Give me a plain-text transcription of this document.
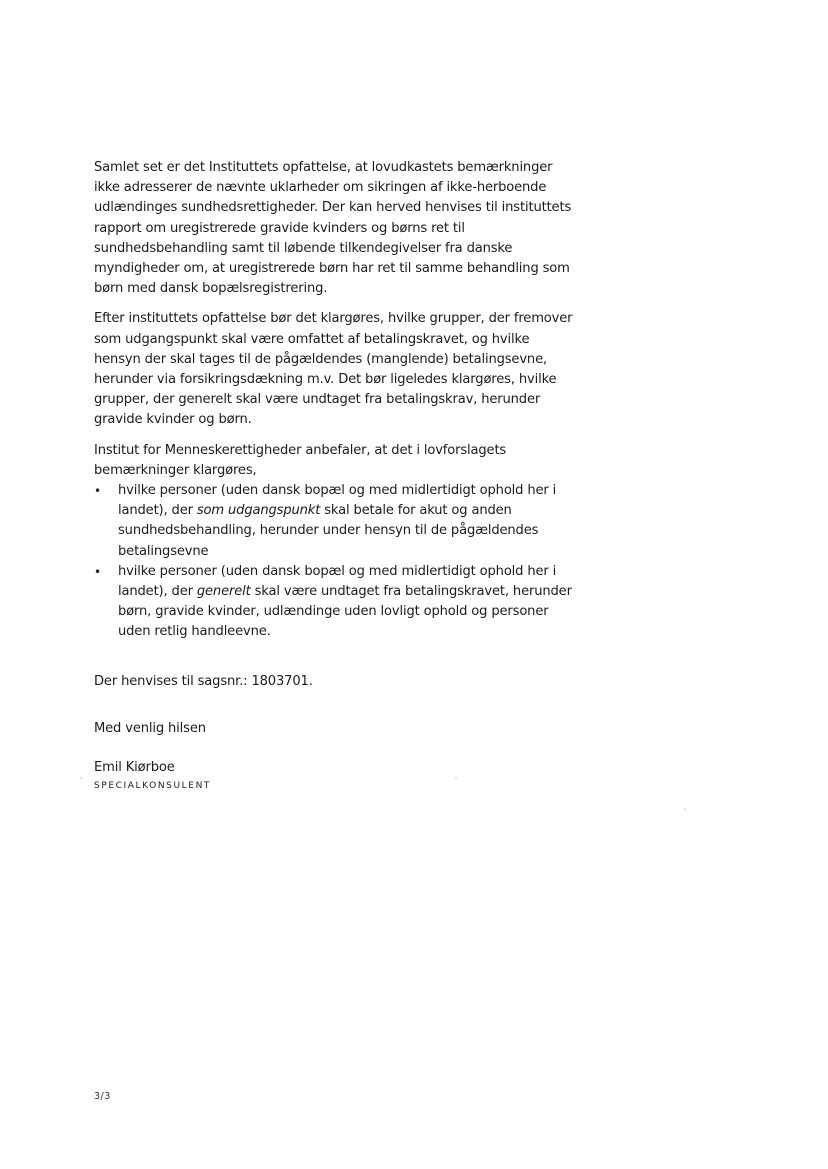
Samlet set er det Instituttets opfattelse, at lovudkastets bemærkninger ikke adresserer de nævnte uklarheder om sikringen af ikke-herboende udlændinges sundhedsrettigheder. Der kan herved henvises til instituttets rapport om uregistrerede gravide kvinders og børns ret til sundhedsbehandling samt til løbende tilkendegivelser fra danske myndigheder om, at uregistrerede børn har ret til samme behandling som børn med dansk bopælsregistrering.

Efter instituttets opfattelse bør det klargøres, hvilke grupper, der fremover som udgangspunkt skal være omfattet af betalingskravet, og hvilke hensyn der skal tages til de pågældendes (manglende) betalingsevne, herunder via forsikringsdækning m.v. Det bør ligeledes klargøres, hvilke grupper, der generelt skal være undtaget fra betalingskrav, herunder gravide kvinder og børn.

Institut for Menneskerettigheder anbefaler, at det i lovforslagets bemærkninger klargøres,
•	hvilke personer (uden dansk bopæl og med midlertidigt ophold her i landet), der som udgangspunkt skal betale for akut og anden sundhedsbehandling, herunder under hensyn til de pågældendes betalingsevne
•	hvilke personer (uden dansk bopæl og med midlertidigt ophold her i landet), der generelt skal være undtaget fra betalingskravet, herunder børn, gravide kvinder, udlændinge uden lovligt ophold og personer uden retlig handleevne.
Der henvises til sagsnr.: 1803701.
Med venlig hilsen
Emil Kiørboe
SPECIALKONSULENT
3/3
